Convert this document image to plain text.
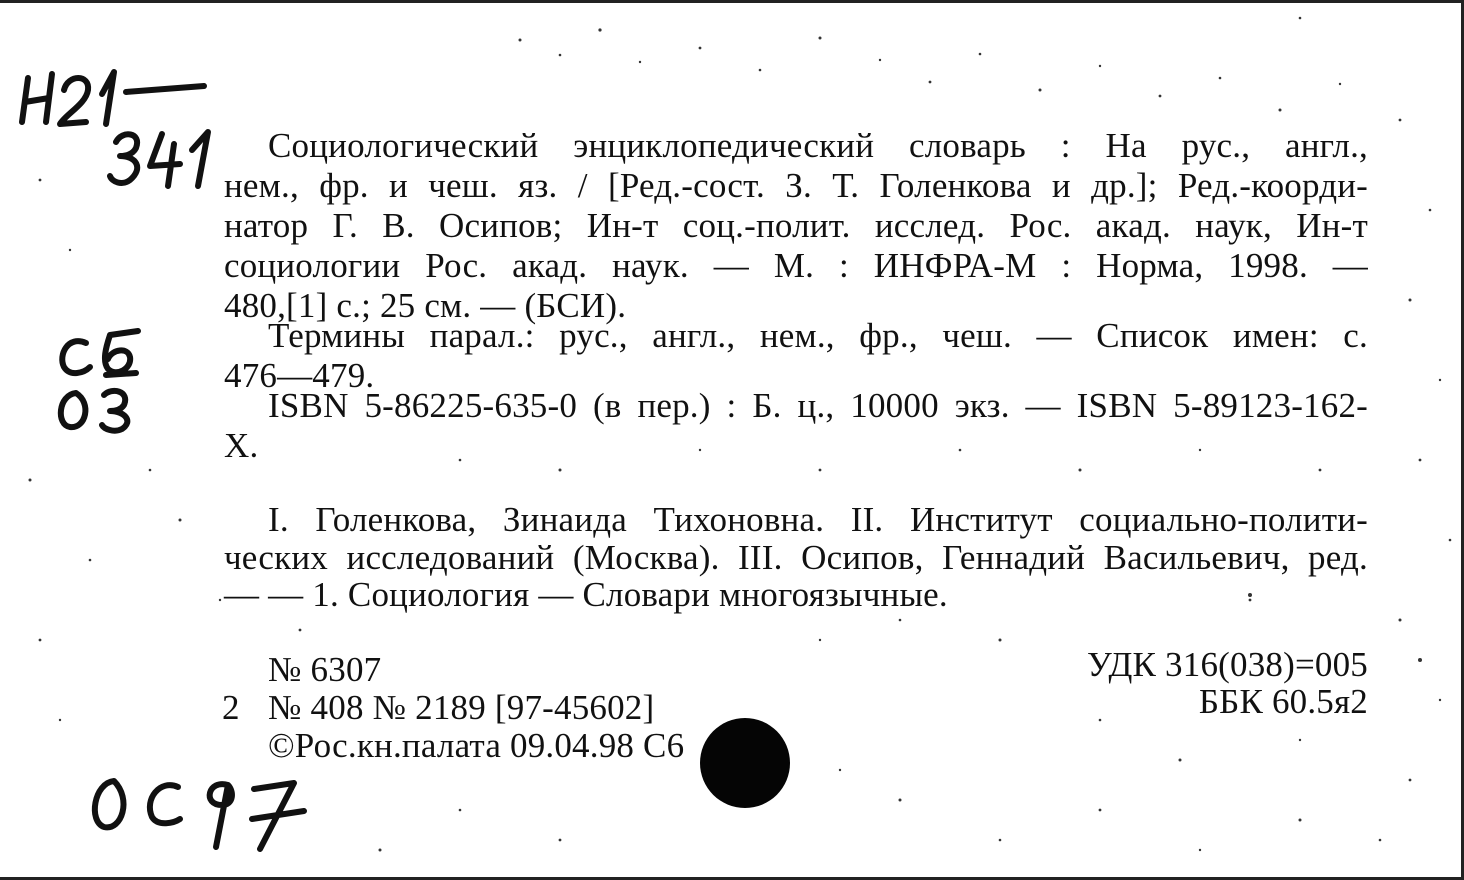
Социологический энциклопедический словарь : На рус., англ.,
нем., фр. и чеш. яз. / [Ред.-сост. З. Т. Голенкова и др.]; Ред.-коорди-
натор Г. В. Осипов; Ин-т соц.-полит. исслед. Рос. акад. наук, Ин-т
социологии Рос. акад. наук. — М. : ИНФРА-М : Норма, 1998. —
480,[1] с.; 25 см. — (БСИ).
Термины парал.: рус., англ., нем., фр., чеш. — Список имен: с.
476—479.
ISBN 5-86225-635-0 (в пер.) : Б. ц., 10000 экз. — ISBN 5-89123-162-
X.
I. Голенкова, Зинаида Тихоновна. II. Институт социально-полити-
ческих исследований (Москва). III. Осипов, Геннадий Васильевич, ред.
— — 1. Социология — Словари многоязычные.
№ 6307
2 № 408 № 2189 [97-45602]
©Рос.кн.палата 09.04.98 С6
УДК 316(038)=005
ББК 60.5я2
